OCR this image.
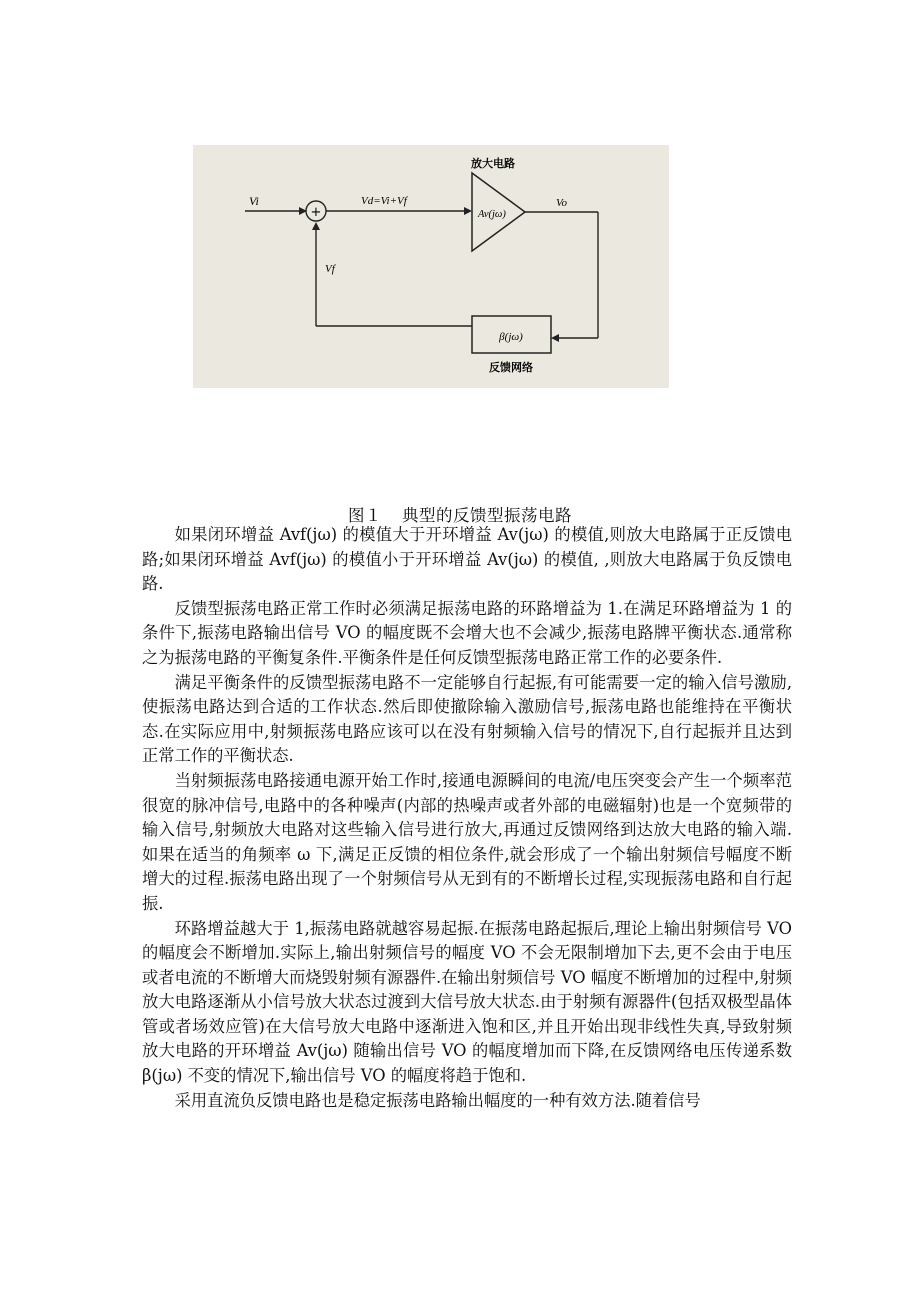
Vi
+
Vd=Vi+Vf
放大电路
Av(jω)
Vo
β(jω)
反馈网络
Vf
图１ 典型的反馈型振荡电路

如果闭环增益 Avf(jω) 的模值大于开环增益 Av(jω) 的模值,则放大电路属于正反馈电路;如果闭环增益 Avf(jω) 的模值小于开环增益 Av(jω) 的模值, ,则放大电路属于负反馈电路.

反馈型振荡电路正常工作时必须满足振荡电路的环路增益为 1.在满足环路增益为 1 的条件下,振荡电路输出信号 VO 的幅度既不会增大也不会减少,振荡电路牌平衡状态.通常称之为振荡电路的平衡复条件.平衡条件是任何反馈型振荡电路正常工作的必要条件.

满足平衡条件的反馈型振荡电路不一定能够自行起振,有可能需要一定的输入信号激励,使振荡电路达到合适的工作状态.然后即使撤除输入激励信号,振荡电路也能维持在平衡状态.在实际应用中,射频振荡电路应该可以在没有射频输入信号的情况下,自行起振并且达到正常工作的平衡状态.

当射频振荡电路接通电源开始工作时,接通电源瞬间的电流/电压突变会产生一个频率范很宽的脉冲信号,电路中的各种噪声(内部的热噪声或者外部的电磁辐射)也是一个宽频带的输入信号,射频放大电路对这些输入信号进行放大,再通过反馈网络到达放大电路的输入端.如果在适当的角频率 ω 下,满足正反馈的相位条件,就会形成了一个输出射频信号幅度不断增大的过程.振荡电路出现了一个射频信号从无到有的不断增长过程,实现振荡电路和自行起振.

环路增益越大于 1,振荡电路就越容易起振.在振荡电路起振后,理论上输出射频信号 VO 的幅度会不断增加.实际上,输出射频信号的幅度 VO 不会无限制增加下去,更不会由于电压或者电流的不断增大而烧毁射频有源器件.在输出射频信号 VO 幅度不断增加的过程中,射频放大电路逐渐从小信号放大状态过渡到大信号放大状态.由于射频有源器件(包括双极型晶体管或者场效应管)在大信号放大电路中逐渐进入饱和区,并且开始出现非线性失真,导致射频放大电路的开环增益 Av(jω) 随输出信号 VO 的幅度增加而下降,在反馈网络电压传递系数 β(jω) 不变的情况下,输出信号 VO 的幅度将趋于饱和.

采用直流负反馈电路也是稳定振荡电路输出幅度的一种有效方法.随着信号
